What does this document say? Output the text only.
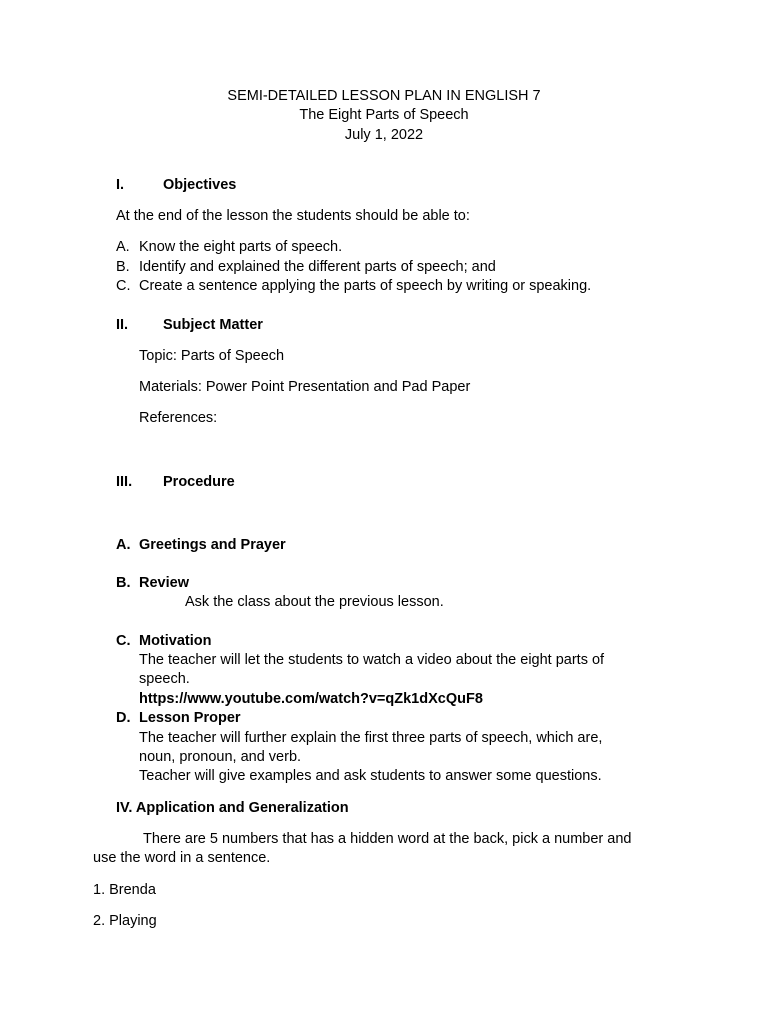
SEMI-DETAILED LESSON PLAN IN ENGLISH 7
The Eight Parts of Speech
July 1, 2022
I.	Objectives
At the end of the lesson the students should be able to:
A. Know the eight parts of speech.
B. Identify and explained the different parts of speech; and
C. Create a sentence applying the parts of speech by writing or speaking.
II. Subject Matter
Topic: Parts of Speech
Materials: Power Point Presentation and Pad Paper
References:
III. Procedure
A. Greetings and Prayer
B. Review
Ask the class about the previous lesson.
C. Motivation
The teacher will let the students to watch a video about the eight parts of
speech.
https://www.youtube.com/watch?v=qZk1dXcQuF8
D. Lesson Proper
The teacher will further explain the first three parts of speech, which are,
noun, pronoun, and verb.
Teacher will give examples and ask students to answer some questions.
IV. Application and Generalization
There are 5 numbers that has a hidden word at the back, pick a number and
use the word in a sentence.
1. Brenda
2. Playing
